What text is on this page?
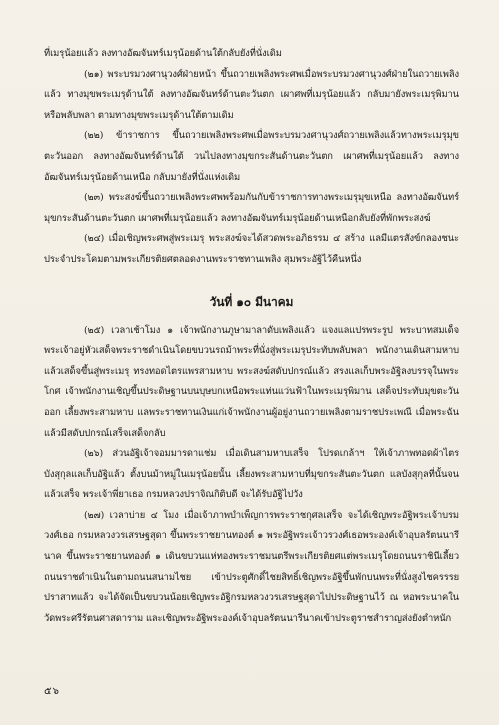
ที่เมรุน้อยแล้ว ลงทางอัฒจันทร์เมรุน้อยด้านใต้กลับยังที่นั่งเดิม

(๒๑) พระบรมวงศานุวงศ์ฝ่ายหน้า ขึ้นถวายเพลิงพระศพเมื่อพระบรมวงศานุวงศ์ฝ่ายในถวายเพลิงแล้ว ทางมุขพระเมรุด้านใต้ ลงทางอัฒจันทร์ด้านตะวันตก เผาศพที่เมรุน้อยแล้ว กลับมายังพระเมรุพิมานหรือพลับพลา ตามทางมุขพระเมรุด้านใต้ตามเดิม

(๒๒) ข้าราชการ ขึ้นถวายเพลิงพระศพเมื่อพระบรมวงศานุวงศ์ถวายเพลิงแล้วทางพระเมรุมุขตะวันออก ลงทางอัฒจันทร์ด้านใต้ วนไปลงทางมุขกระสันด้านตะวันตก เผาศพที่เมรุน้อยแล้ว ลงทางอัฒจันทร์เมรุน้อยด้านเหนือ กลับมายังที่นั่งแห่งเดิม

(๒๓) พระสงฆ์ขึ้นถวายเพลิงพระศพพร้อมกันกับข้าราชการทางพระเมรุมุขเหนือ ลงทางอัฒจันทร์มุขกระสันด้านตะวันตก เผาศพที่เมรุน้อยแล้ว ลงทางอัฒจันทร์เมรุน้อยด้านเหนือกลับยังที่พักพระสงฆ์

(๒๔) เมื่อเชิญพระศพสู่พระเมรุ พระสงฆ์จะได้สวดพระอภิธรรม ๔ สร้าง แลมีแตรสังข์กลองชนะประจำประโคมตามพระเกียรติยศตลอดงานพระราชทานเพลิง สุมพระอัฐิไว้คืนหนึ่ง

วันที่ ๑๐ มีนาคม

(๒๕) เวลาเช้าโมง ๑ เจ้าพนักงานภูษามาลาดับเพลิงแล้ว แจงแลแปรพระรูป พระบาทสมเด็จพระเจ้าอยู่หัวเสด็จพระราชดำเนินโดยขบวนรถม้าพระที่นั่งสู่พระเมรุประทับพลับพลา พนักงานเดินสามหาบแล้วเสด็จขึ้นสู่พระเมรุ ทรงทอดไตรแพรสามหาบ พระสงฆ์สดับปกรณ์แล้ว สรงแลเก็บพระอัฐิลงบรรจุในพระโกศ เจ้าพนักงานเชิญขึ้นประดิษฐานบนบุษบกเหนือพระแท่นแว่นฟ้าในพระเมรุพิมาน เสด็จประทับมุขตะวันออก เลี้ยงพระสามหาบ แลพระราชทานเงินแก่เจ้าพนักงานผู้อยู่งานถวายเพลิงตามราชประเพณี เมื่อพระฉันแล้วมีสดับปกรณ์เสร็จเสด็จกลับ

(๒๖) ส่วนอัฐิเจ้าจอมมารดาแช่ม เมื่อเดินสามหาบเสร็จ โปรดเกล้าฯ ให้เจ้าภาพทอดผ้าไตรบังสุกุลแลเก็บอัฐิแล้ว ตั้งบนม้าหมู่ในเมรุน้อยนั้น เลี้ยงพระสามหาบที่มุขกระสันตะวันตก แลบังสุกุลที่นั้นจนแล้วเสร็จ พระเจ้าพี่ยาเธอ กรมหลวงปราจิณกิติบดี จะได้รับอัฐิไปวัง

(๒๗) เวลาบ่าย ๔ โมง เมื่อเจ้าภาพบำเพ็ญการพระราชกุศลเสร็จ จะได้เชิญพระอัฐิพระเจ้าบรมวงศ์เธอ กรมหลวงวรเสรษฐสุดา ขึ้นพระราชยานทองต์ ๑ พระอัฐิพระเจ้าวรวงศ์เธอพระองค์เจ้าอุบลรัตนนารีนาค ขึ้นพระราชยานทองต์ ๑ เดินขบวนแห่ทองพระราชมนตรีพระเกียรติยศแต่พระเมรุโดยถนนราชินีเลี้ยวถนนราชดำเนินในตามถนนสนามไชย เข้าประตูศักดิ์ไชยสิทธิ์เชิญพระอัฐิขึ้นพักบนพระที่นั่งสูงไชครรรยปราสาทแล้ว จะได้จัดเป็นขบวนน้อยเชิญพระอัฐิกรมหลวงวรเสรษฐสุดาไปประดิษฐานไว้ ณ หอพระนาคในวัดพระศรีรัตนศาสดาราม และเชิญพระอัฐิพระองค์เจ้าอุบลรัตนนารีนาคเข้าประตูราชสำราญส่งยังตำหนัก

๕๖
